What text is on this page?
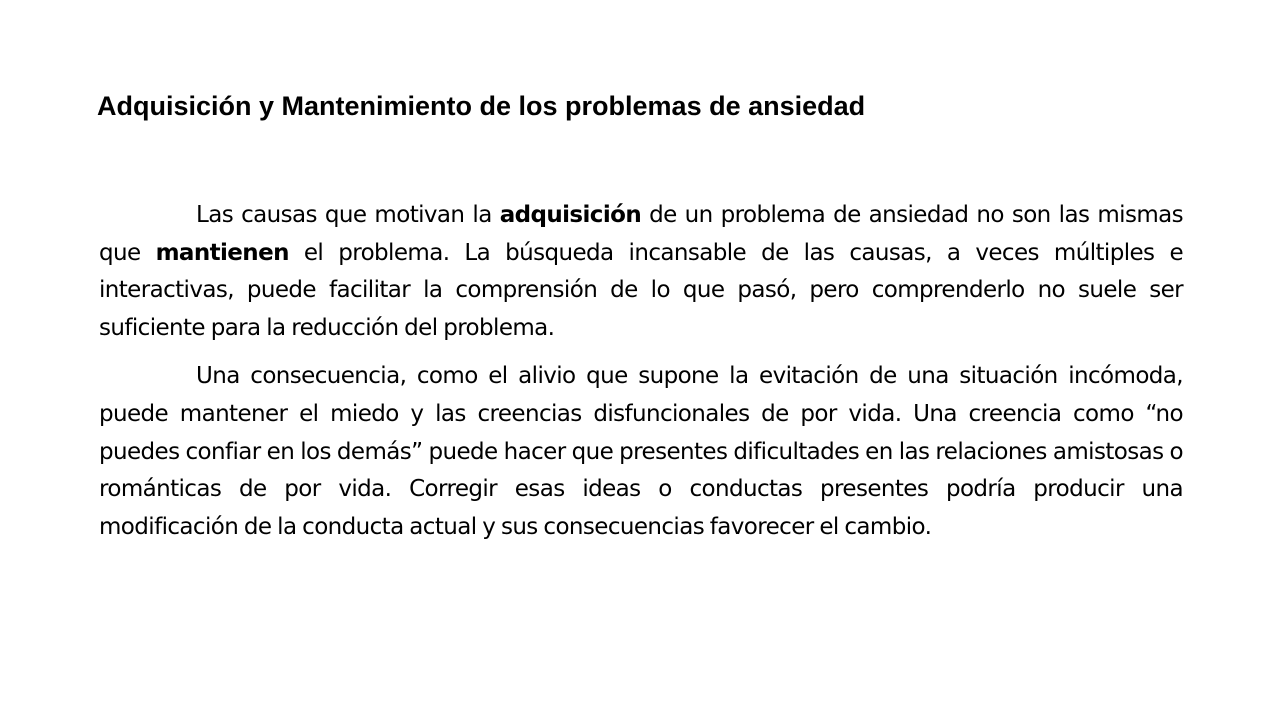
Adquisición y Mantenimiento de los problemas de ansiedad

Las causas que motivan la adquisición de un problema de ansiedad no son las mismas que mantienen el problema. La búsqueda incansable de las causas, a veces múltiples e interactivas, puede facilitar la comprensión de lo que pasó, pero comprenderlo no suele ser suficiente para la reducción del problema.

Una consecuencia, como el alivio que supone la evitación de una situación incómoda, puede mantener el miedo y las creencias disfuncionales de por vida. Una creencia como “no puedes confiar en los demás” puede hacer que presentes dificultades en las relaciones amistosas o románticas de por vida. Corregir esas ideas o conductas presentes podría producir una modificación de la conducta actual y sus consecuencias favorecer el cambio.
